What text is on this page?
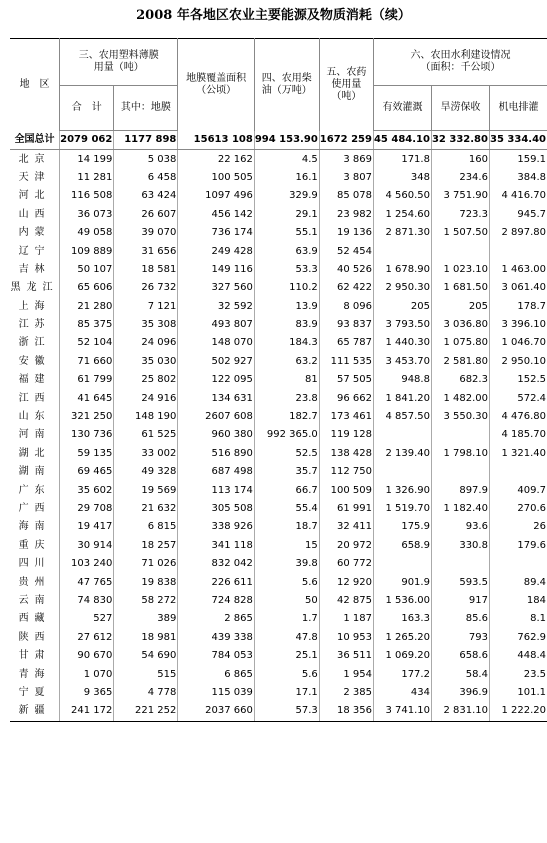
2008 年各地区农业主要能源及物质消耗（续）
地　区	三、农用塑料薄膜用量（吨）		地膜覆盖面积（公顷）	四、农用柴油（万吨）	五、农药使用量（吨）	六、农田水利建设情况（面积：千公顷）		
	合　计	其中：地膜				有效灌溉	旱涝保收	机电排灌
全国总计	2079 062	1177 898	15613 108	994 153.90	1672 259	45 484.10	32 332.80	35 334.40
北京	14 199	5 038	22 162	4.5	3 869	171.8	160	159.1
天津	11 281	6 458	100 505	16.1	3 807	348	234.6	384.8
河北	116 508	63 424	1097 496	329.9	85 078	4 560.50	3 751.90	4 416.70
山西	36 073	26 607	456 142	29.1	23 982	1 254.60	723.3	945.7
内蒙	49 058	39 070	736 174	55.1	19 136	2 871.30	1 507.50	2 897.80
辽宁	109 889	31 656	249 428	63.9	52 454			
吉林	50 107	18 581	149 116	53.3	40 526	1 678.90	1 023.10	1 463.00
黑龙江	65 606	26 732	327 560	110.2	62 422	2 950.30	1 681.50	3 061.40
上海	21 280	7 121	32 592	13.9	8 096	205	205	178.7
江苏	85 375	35 308	493 807	83.9	93 837	3 793.50	3 036.80	3 396.10
浙江	52 104	24 096	148 070	184.3	65 787	1 440.30	1 075.80	1 046.70
安徽	71 660	35 030	502 927	63.2	111 535	3 453.70	2 581.80	2 950.10
福建	61 799	25 802	122 095	81	57 505	948.8	682.3	152.5
江西	41 645	24 916	134 631	23.8	96 662	1 841.20	1 482.00	572.4
山东	321 250	148 190	2607 608	182.7	173 461	4 857.50	3 550.30	4 476.80
河南	130 736	61 525	960 380	992 365.0	119 128			4 185.70
湖北	59 135	33 002	516 890	52.5	138 428	2 139.40	1 798.10	1 321.40
湖南	69 465	49 328	687 498	35.7	112 750			
广东	35 602	19 569	113 174	66.7	100 509	1 326.90	897.9	409.7
广西	29 708	21 632	305 508	55.4	61 991	1 519.70	1 182.40	270.6
海南	19 417	6 815	338 926	18.7	32 411	175.9	93.6	26
重庆	30 914	18 257	341 118	15	20 972	658.9	330.8	179.6
四川	103 240	71 026	832 042	39.8	60 772			
贵州	47 765	19 838	226 611	5.6	12 920	901.9	593.5	89.4
云南	74 830	58 272	724 828	50	42 875	1 536.00	917	184
西藏	527	389	2 865	1.7	1 187	163.3	85.6	8.1
陕西	27 612	18 981	439 338	47.8	10 953	1 265.20	793	762.9
甘肃	90 670	54 690	784 053	25.1	36 511	1 069.20	658.6	448.4
青海	1 070	515	6 865	5.6	1 954	177.2	58.4	23.5
宁夏	9 365	4 778	115 039	17.1	2 385	434	396.9	101.1
新疆	241 172	221 252	2037 660	57.3	18 356	3 741.10	2 831.10	1 222.20
